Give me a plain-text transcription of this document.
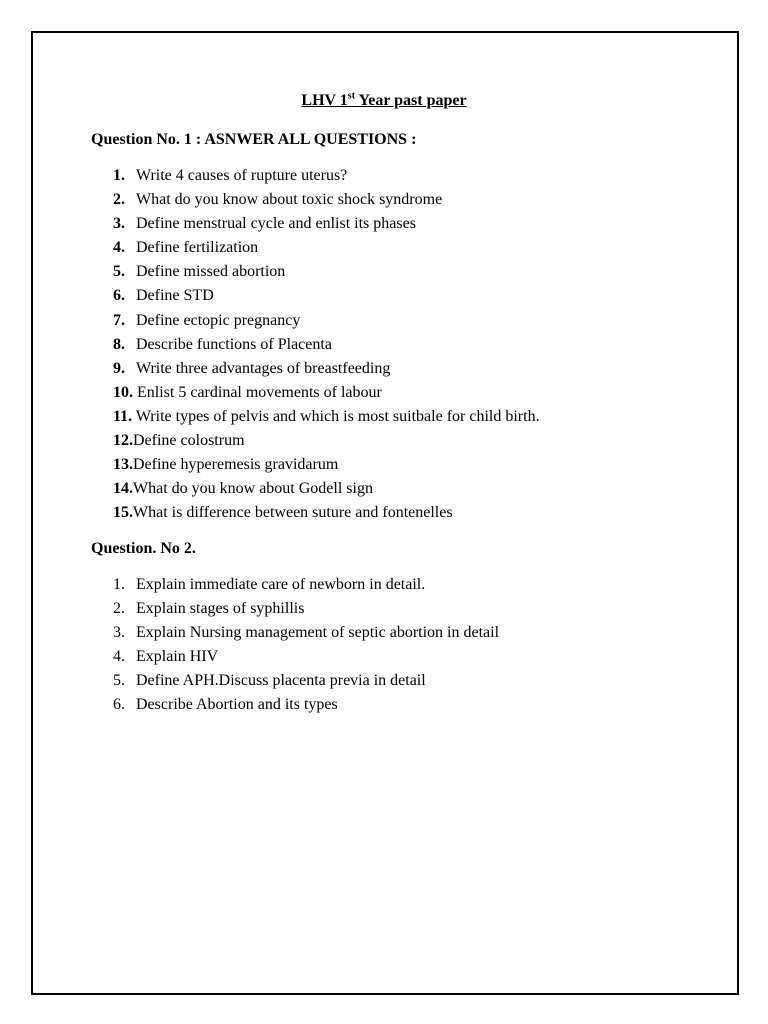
LHV 1st Year past paper
Question No. 1 : ASNWER ALL QUESTIONS :
1. Write 4 causes of rupture uterus?
2. What do you know about toxic shock syndrome
3. Define menstrual cycle and enlist its phases
4. Define fertilization
5. Define missed abortion
6. Define STD
7. Define ectopic pregnancy
8. Describe functions of Placenta
9. Write three advantages of breastfeeding
10. Enlist 5 cardinal movements of labour
11. Write types of pelvis and which is most suitbale for child birth.
12.Define colostrum
13.Define hyperemesis gravidarum
14.What do you know about Godell sign
15.What is difference between suture and fontenelles
Question. No 2.
1. Explain immediate care of newborn in detail.
2. Explain stages of syphillis
3. Explain Nursing management of septic abortion in detail
4. Explain HIV
5. Define APH.Discuss placenta previa in detail
6. Describe Abortion and its types
